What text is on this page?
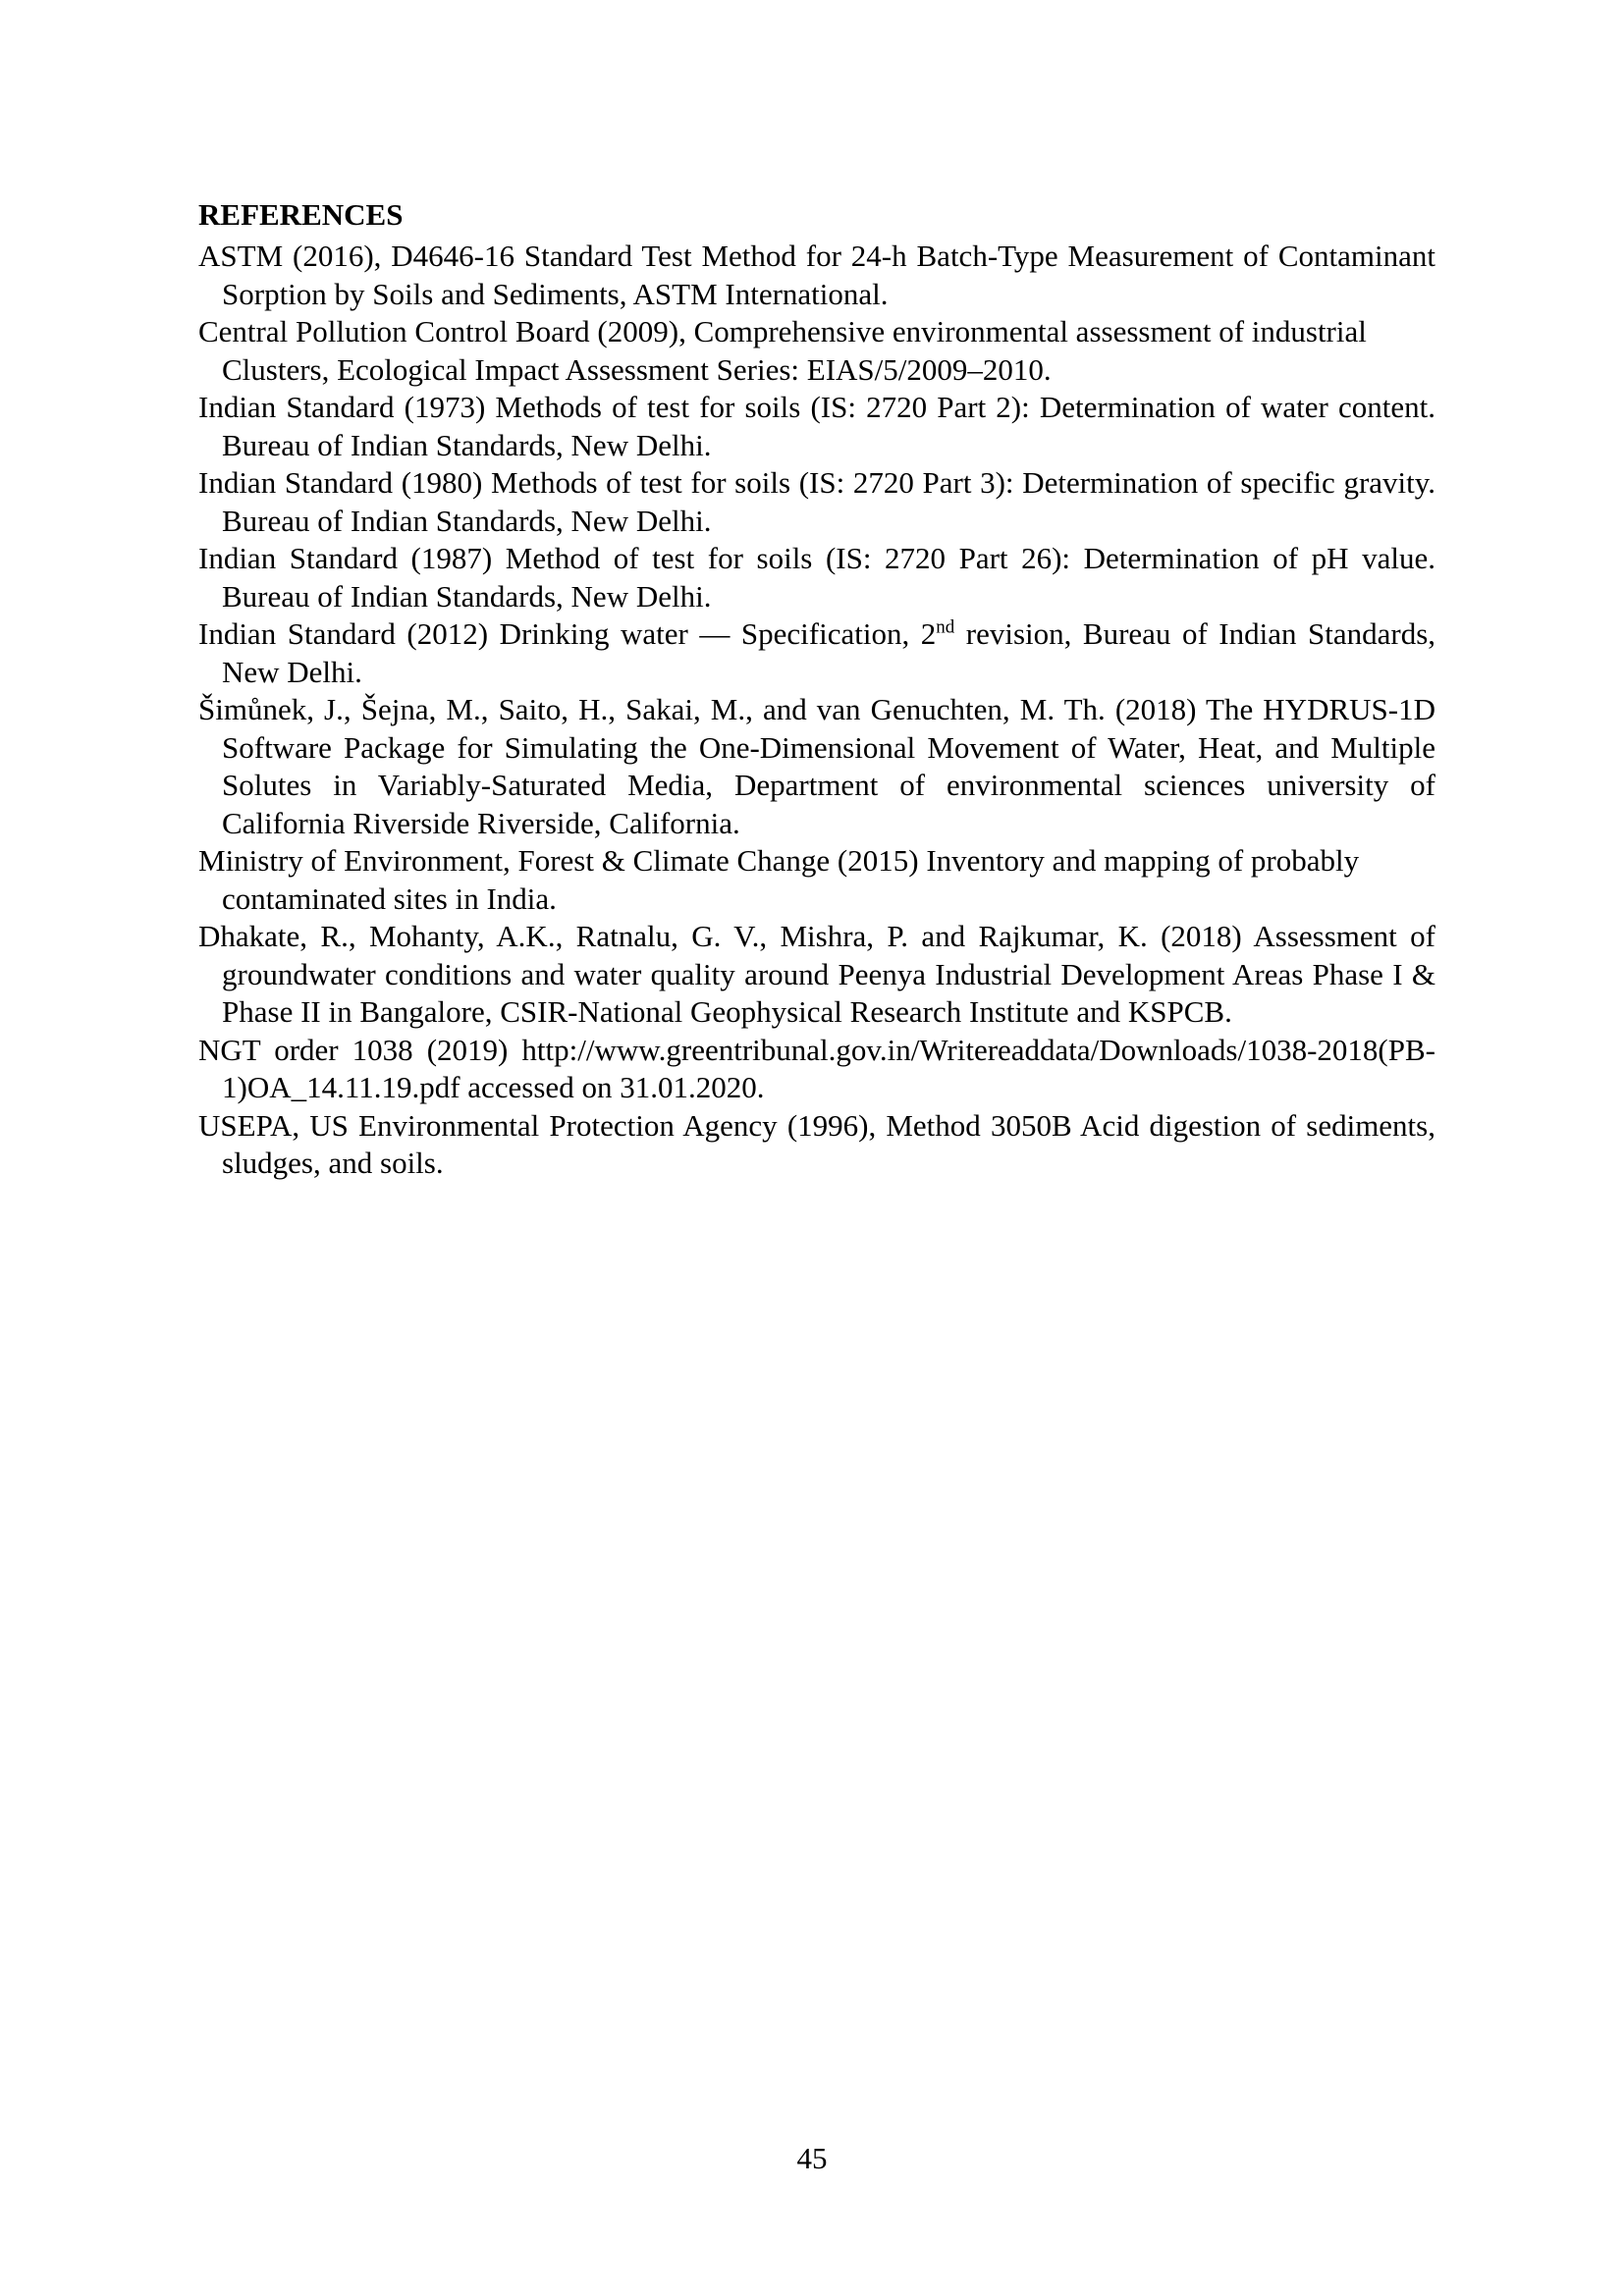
REFERENCES
ASTM (2016), D4646-16 Standard Test Method for 24-h Batch-Type Measurement of Contaminant Sorption by Soils and Sediments, ASTM International.
Central Pollution Control Board (2009), Comprehensive environmental assessment of industrial Clusters, Ecological Impact Assessment Series: EIAS/5/2009–2010.
Indian Standard (1973) Methods of test for soils (IS: 2720 Part 2): Determination of water content. Bureau of Indian Standards, New Delhi.
Indian Standard (1980) Methods of test for soils (IS: 2720 Part 3): Determination of specific gravity. Bureau of Indian Standards, New Delhi.
Indian Standard (1987) Method of test for soils (IS: 2720 Part 26): Determination of pH value. Bureau of Indian Standards, New Delhi.
Indian Standard (2012) Drinking water — Specification, 2nd revision, Bureau of Indian Standards, New Delhi.
Šimůnek, J., Šejna, M., Saito, H., Sakai, M., and van Genuchten, M. Th. (2018) The HYDRUS-1D Software Package for Simulating the One-Dimensional Movement of Water, Heat, and Multiple Solutes in Variably-Saturated Media, Department of environmental sciences university of California Riverside Riverside, California.
Ministry of Environment, Forest & Climate Change (2015) Inventory and mapping of probably contaminated sites in India.
Dhakate, R., Mohanty, A.K., Ratnalu, G. V., Mishra, P. and Rajkumar, K. (2018) Assessment of groundwater conditions and water quality around Peenya Industrial Development Areas Phase I & Phase II in Bangalore, CSIR-National Geophysical Research Institute and KSPCB.
NGT order 1038 (2019) http://www.greentribunal.gov.in/Writereaddata/Downloads/1038-2018(PB-1)OA_14.11.19.pdf accessed on 31.01.2020.
USEPA, US Environmental Protection Agency (1996), Method 3050B Acid digestion of sediments, sludges, and soils.
45
